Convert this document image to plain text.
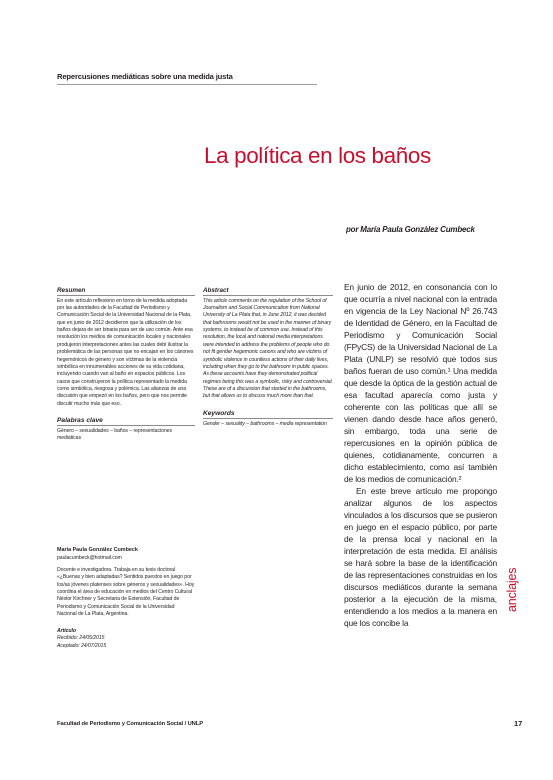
Repercusiones mediáticas sobre una medida justa
La política en los baños
por María Paula Gonzàlez Cumbeck
Resumen
En este artículo reflexiono en torno de la medida adoptada por las autoridades de la Facultad de Periodismo y Comunicación Social de la Universidad Nacional de la Plata, que en junio de 2012 decidieron que la utilización de los baños dejara de ser binaria para ser de uso común. Ante esa resolución los medios de comunicación locales y nacionales produjeron interpretaciones antes las cuales debí ilustrar la problemática de las personas que no encajan en los cánones hegemónicos de género y son víctimas de la violencia simbólica en innumerables acciones de su vida cotidiana, incluyendo cuando van al baño en espacios públicos. Los casos que construyeron la política representado la medida como simbólica, riesgosa y polémica. Las alianzas de una discusión que empezó en los baños, pero que nos permite discutir mucho más que eso.
Palabras clave
Género – sexualidades – baños – representaciones mediáticas
Abstract
This article comments on the regulation of the School of Journalism and Social Communication from National University of La Plata that, in June 2012, it was decided that bathrooms would not be used in the manner of binary systems, to instead be of common use. Instead of this resolution, the local and national media interpretations were intended to address the problems of people who do not fit gender hegemonic canons and who are victims of symbolic violence in countless actions of their daily lives, including when they go to the bathroom in public spaces. As these accounts have they demonstrated political regimes being this was a symbolic, risky and controversial. These are of a discussion that started in the bathrooms, but that allows us to discuss much more than that.
Keywords
Gender – sexuality – bathrooms – media representation
María Paula González Cumbeck
paulacumbeck@hotmail.com
Docente e investigadora. Trabaja en su tesis doctoral «¿Buenas y bien adaptadas? Sentidos puestos en juego por los/as jóvenes platenses sobre géneros y sexualidades». Hoy coordina el área de educación en medios del Centro Cultural Néstor Kirchner y Secretaria de Extensión, Facultad de Periodismo y Comunicación Social de la Universidad Nacional de La Plata, Argentina.
Artículo
Recibido: 24/05/2015
Aceptado: 24/07/2015

En junio de 2012, en consonancia con lo que ocurría a nivel nacional con la entrada en vigencia de la Ley Nacional Nº 26.743 de Identidad de Género, en la Facultad de Periodismo y Comunicación Social (FPyCS) de la Universidad Nacional de La Plata (UNLP) se resolvió que todos sus baños fueran de uso común.¹ Una medida que desde la óptica de la gestión actual de esa facultad aparecía como justa y coherente con las políticas que allí se vienen dando desde hace años generó, sin embargo, toda una serie de repercusiones en la opinión pública de quienes, cotidianamente, concurren a dicho establecimiento, como así también de los medios de comunicación.²

En este breve artículo me propongo analizar algunos de los aspectos vinculados a los discursos que se pusieron en juego en el espacio público, por parte de la prensa local y nacional en la interpretación de esta medida. El análisis se hará sobre la base de la identificación de las representaciones construidas en los discursos mediáticos durante la semana posterior a la ejecución de la misma, entendiendo a los medios a la manera en que los concibe la

anclajes
Facultad de Periodismo y Comunicación Social / UNLP	17
